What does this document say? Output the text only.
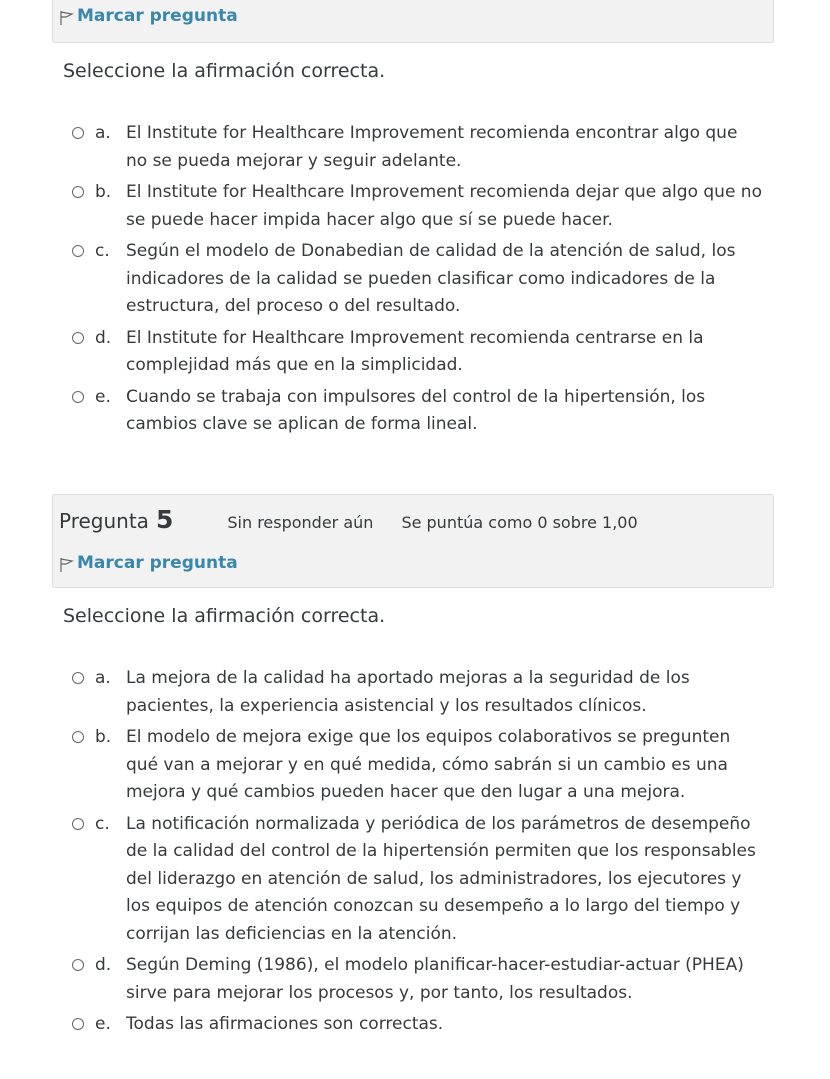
Marcar pregunta
Seleccione la afirmación correcta.
a. El Institute for Healthcare Improvement recomienda encontrar algo que no se pueda mejorar y seguir adelante.
b. El Institute for Healthcare Improvement recomienda dejar que algo que no se puede hacer impida hacer algo que sí se puede hacer.
c. Según el modelo de Donabedian de calidad de la atención de salud, los indicadores de la calidad se pueden clasificar como indicadores de la estructura, del proceso o del resultado.
d. El Institute for Healthcare Improvement recomienda centrarse en la complejidad más que en la simplicidad.
e. Cuando se trabaja con impulsores del control de la hipertensión, los cambios clave se aplican de forma lineal.
Pregunta 5	Sin responder aún Se puntúa como 0 sobre 1,00
Marcar pregunta
Seleccione la afirmación correcta.
a. La mejora de la calidad ha aportado mejoras a la seguridad de los pacientes, la experiencia asistencial y los resultados clínicos.
b. El modelo de mejora exige que los equipos colaborativos se pregunten qué van a mejorar y en qué medida, cómo sabrán si un cambio es una mejora y qué cambios pueden hacer que den lugar a una mejora.
c. La notificación normalizada y periódica de los parámetros de desempeño de la calidad del control de la hipertensión permiten que los responsables del liderazgo en atención de salud, los administradores, los ejecutores y los equipos de atención conozcan su desempeño a lo largo del tiempo y corrijan las deficiencias en la atención.
d. Según Deming (1986), el modelo planificar-hacer-estudiar-actuar (PHEA) sirve para mejorar los procesos y, por tanto, los resultados.
e. Todas las afirmaciones son correctas.
